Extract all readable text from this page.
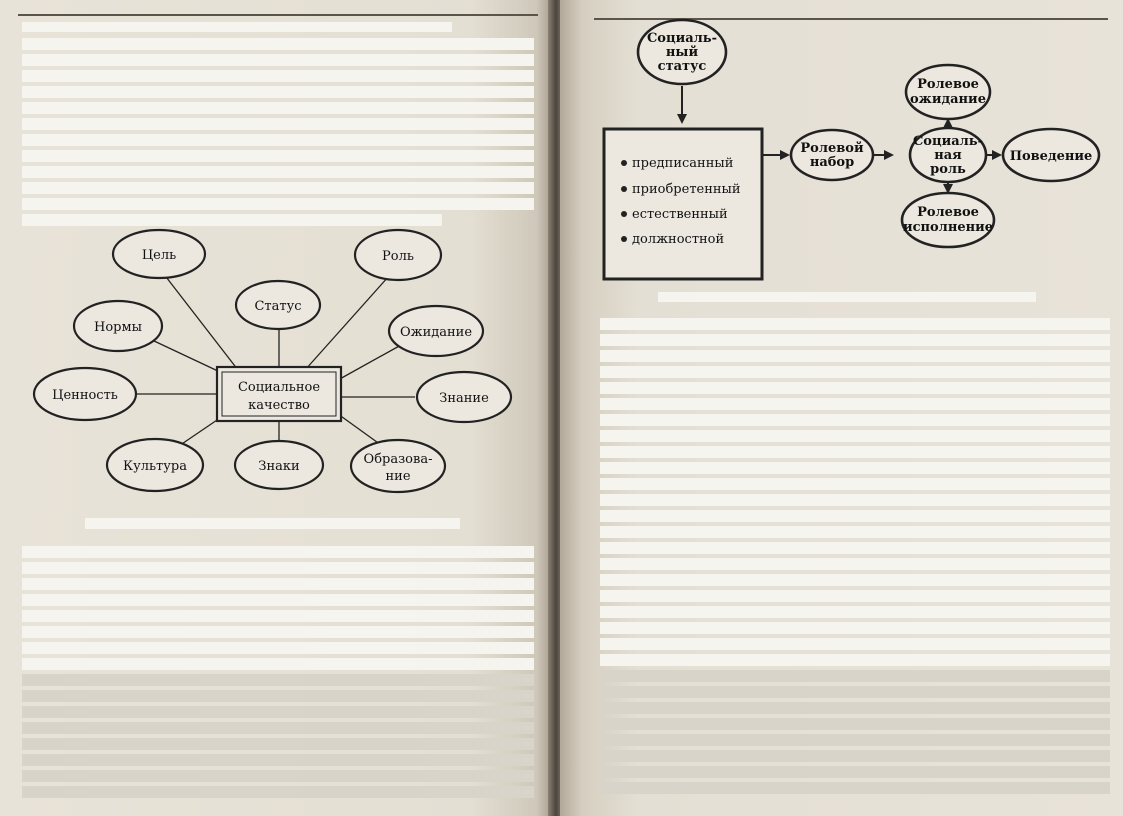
Социальное
качество
Цель	Роль
Статус
Нормы	Ожидание
Ценность	Знание
Культура	Знаки	Образова-
ние
Социаль-
ный
статус
Ролевой
набор
Социаль-
ная
роль
Ролевое
ожидание
Поведение
Ролевое
исполнение
предписанный
приобретенный
естественный
должностной
